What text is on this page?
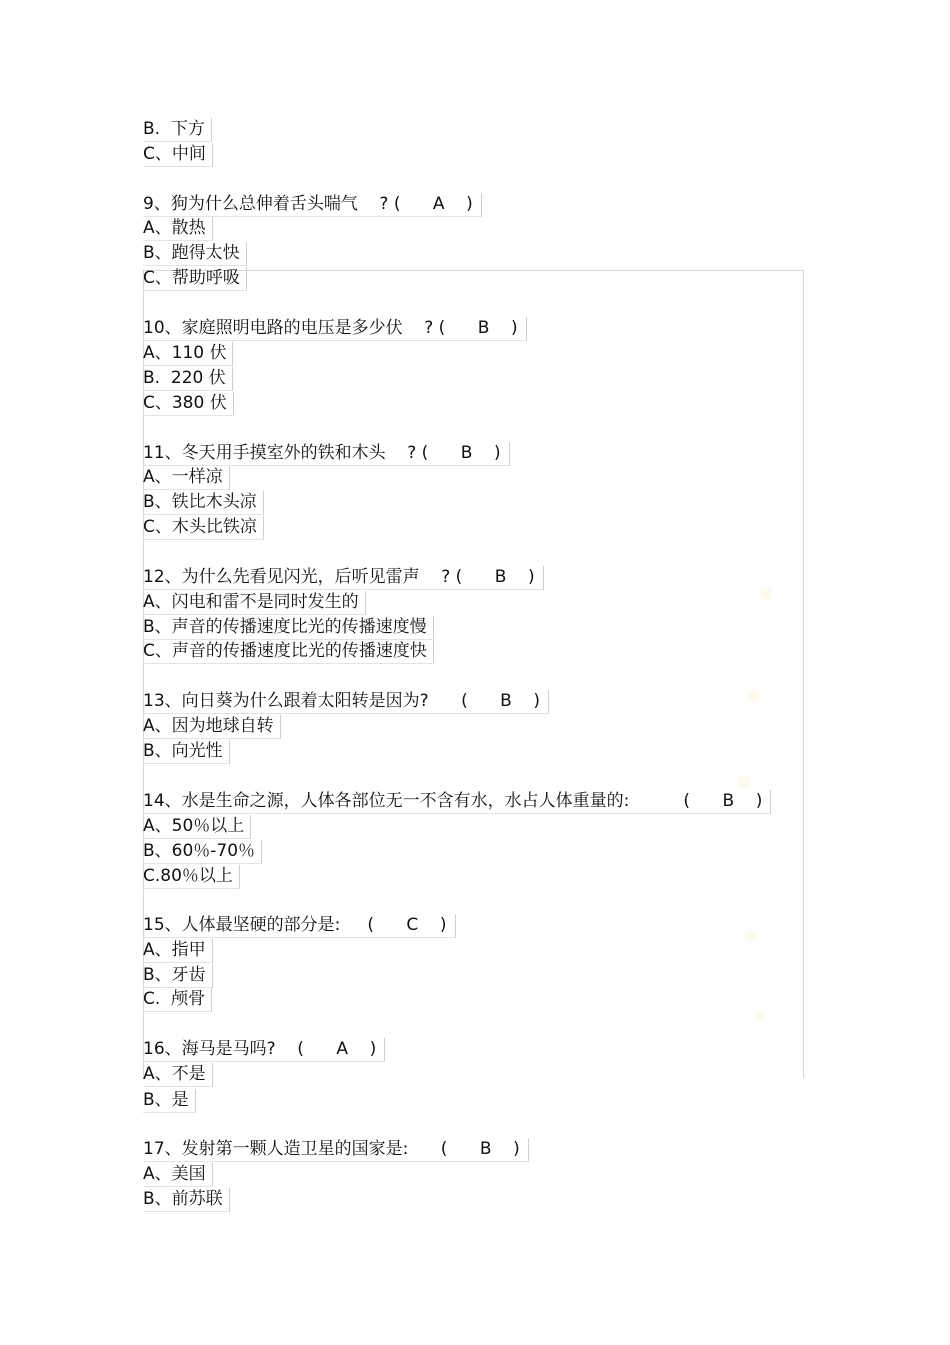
B.  下方
C、中间
9、狗为什么总伸着舌头喘气    ? (      A    )
A、散热
B、跑得太快
C、帮助呼吸
10、家庭照明电路的电压是多少伏    ? (      B    )
A、110 伏
B.  220 伏
C、380 伏
11、冬天用手摸室外的铁和木头    ? (      B    )
A、一样凉
B、铁比木头凉
C、木头比铁凉
12、为什么先看见闪光，后听见雷声    ? (      B    )
A、闪电和雷不是同时发生的
B、声音的传播速度比光的传播速度慢
C、声音的传播速度比光的传播速度快
13、向日葵为什么跟着太阳转是因为?      (      B    )
A、因为地球自转
B、向光性
14、水是生命之源，人体各部位无一不含有水，水占人体重量的:          (      B    )
A、50％以上
B、60％-70％
C.80％以上
15、人体最坚硬的部分是:     (      C    )
A、指甲
B、牙齿
C.  颅骨
16、海马是马吗?    (      A    )
A、不是
B、是
17、发射第一颗人造卫星的国家是:      (      B    )
A、美国
B、前苏联
